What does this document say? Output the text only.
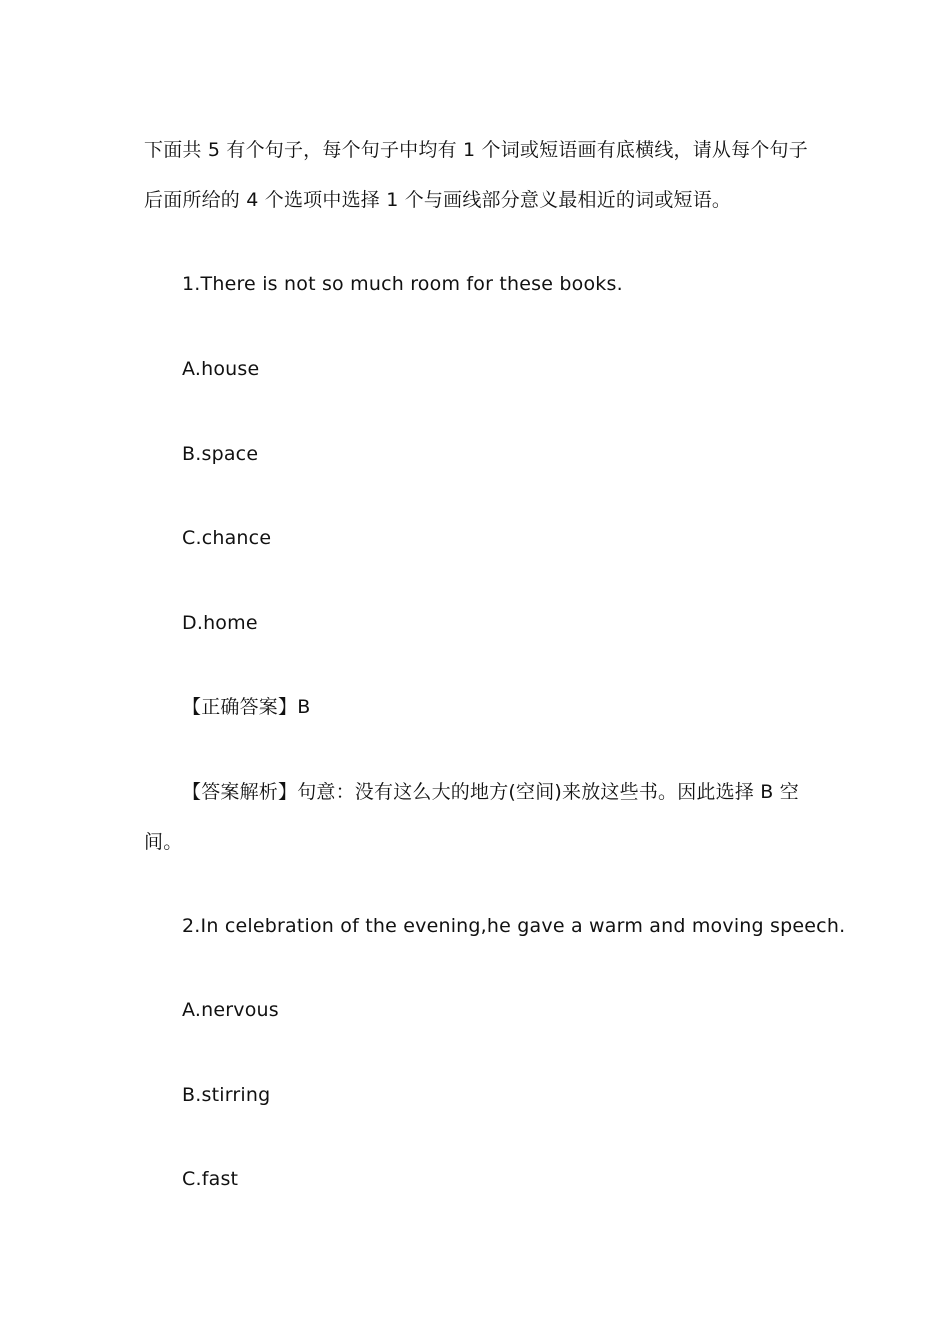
下面共 5 有个句子，每个句子中均有 1 个词或短语画有底横线，请从每个句子
后面所给的 4 个选项中选择 1 个与画线部分意义最相近的词或短语。
1.There is not so much room for these books.
A.house
B.space
C.chance
D.home
【正确答案】B
【答案解析】句意：没有这么大的地方(空间)来放这些书。因此选择 B 空
间。
2.In celebration of the evening,he gave a warm and moving speech.
A.nervous
B.stirring
C.fast
